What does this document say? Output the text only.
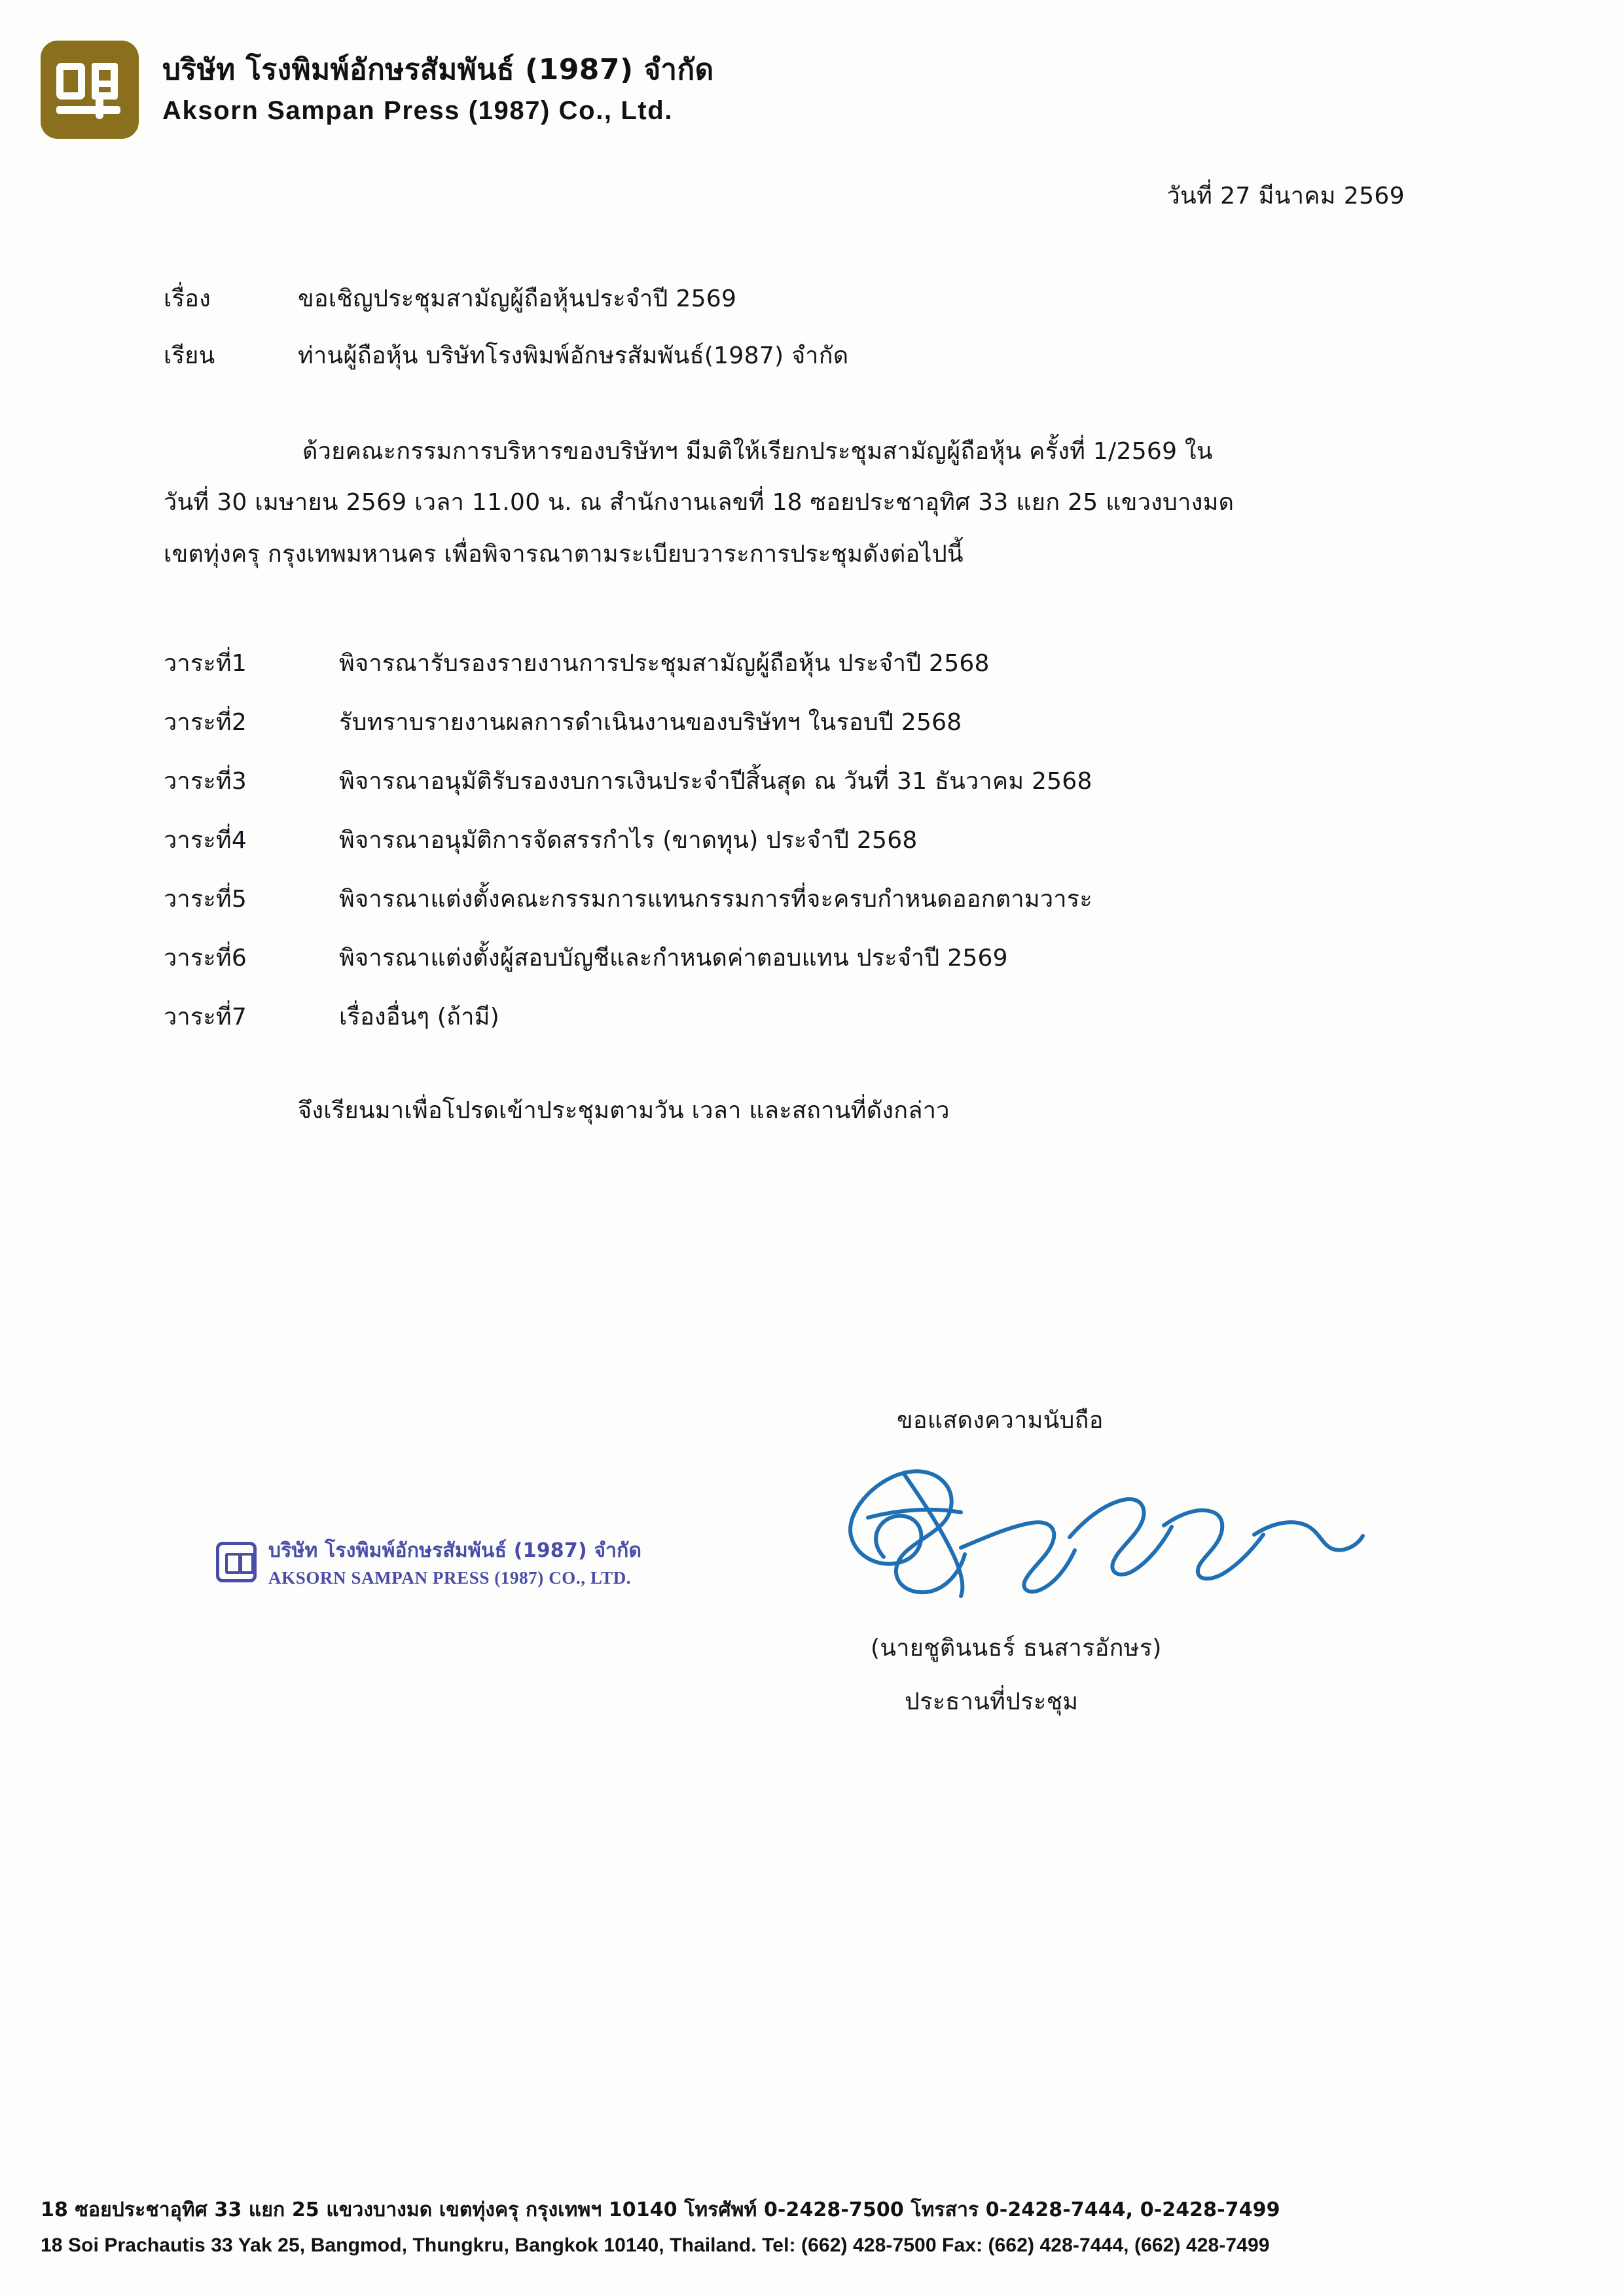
บริษัท โรงพิมพ์อักษรสัมพันธ์ (1987) จำกัด
Aksorn Sampan Press (1987) Co., Ltd.
วันที่ 27 มีนาคม 2569
เรื่อง	ขอเชิญประชุมสามัญผู้ถือหุ้นประจำปี 2569
เรียน	ท่านผู้ถือหุ้น บริษัทโรงพิมพ์อักษรสัมพันธ์(1987) จำกัด
ด้วยคณะกรรมการบริหารของบริษัทฯ มีมติให้เรียกประชุมสามัญผู้ถือหุ้น ครั้งที่ 1/2569 ใน
วันที่ 30 เมษายน 2569 เวลา 11.00 น. ณ สำนักงานเลขที่ 18 ซอยประชาอุทิศ 33 แยก 25 แขวงบางมด
เขตทุ่งครุ กรุงเทพมหานคร เพื่อพิจารณาตามระเบียบวาระการประชุมดังต่อไปนี้
วาระที่1	พิจารณารับรองรายงานการประชุมสามัญผู้ถือหุ้น ประจำปี 2568
วาระที่2	รับทราบรายงานผลการดำเนินงานของบริษัทฯ ในรอบปี 2568
วาระที่3	พิจารณาอนุมัติรับรองงบการเงินประจำปีสิ้นสุด ณ วันที่ 31 ธันวาคม 2568
วาระที่4	พิจารณาอนุมัติการจัดสรรกำไร (ขาดทุน) ประจำปี 2568
วาระที่5	พิจารณาแต่งตั้งคณะกรรมการแทนกรรมการที่จะครบกำหนดออกตามวาระ
วาระที่6	พิจารณาแต่งตั้งผู้สอบบัญชีและกำหนดค่าตอบแทน ประจำปี 2569
วาระที่7	เรื่องอื่นๆ (ถ้ามี)
จึงเรียนมาเพื่อโปรดเข้าประชุมตามวัน เวลา และสถานที่ดังกล่าว
ขอแสดงความนับถือ
(นายชูตินนธร์ ธนสารอักษร)
ประธานที่ประชุม
บริษัท โรงพิมพ์อักษรสัมพันธ์ (1987) จำกัด
AKSORN SAMPAN PRESS (1987) CO., LTD.
18 ซอยประชาอุทิศ 33 แยก 25 แขวงบางมด เขตทุ่งครุ กรุงเทพฯ 10140 โทรศัพท์ 0-2428-7500 โทรสาร 0-2428-7444, 0-2428-7499
18 Soi Prachautis 33 Yak 25, Bangmod, Thungkru, Bangkok 10140, Thailand. Tel: (662) 428-7500 Fax: (662) 428-7444, (662) 428-7499
